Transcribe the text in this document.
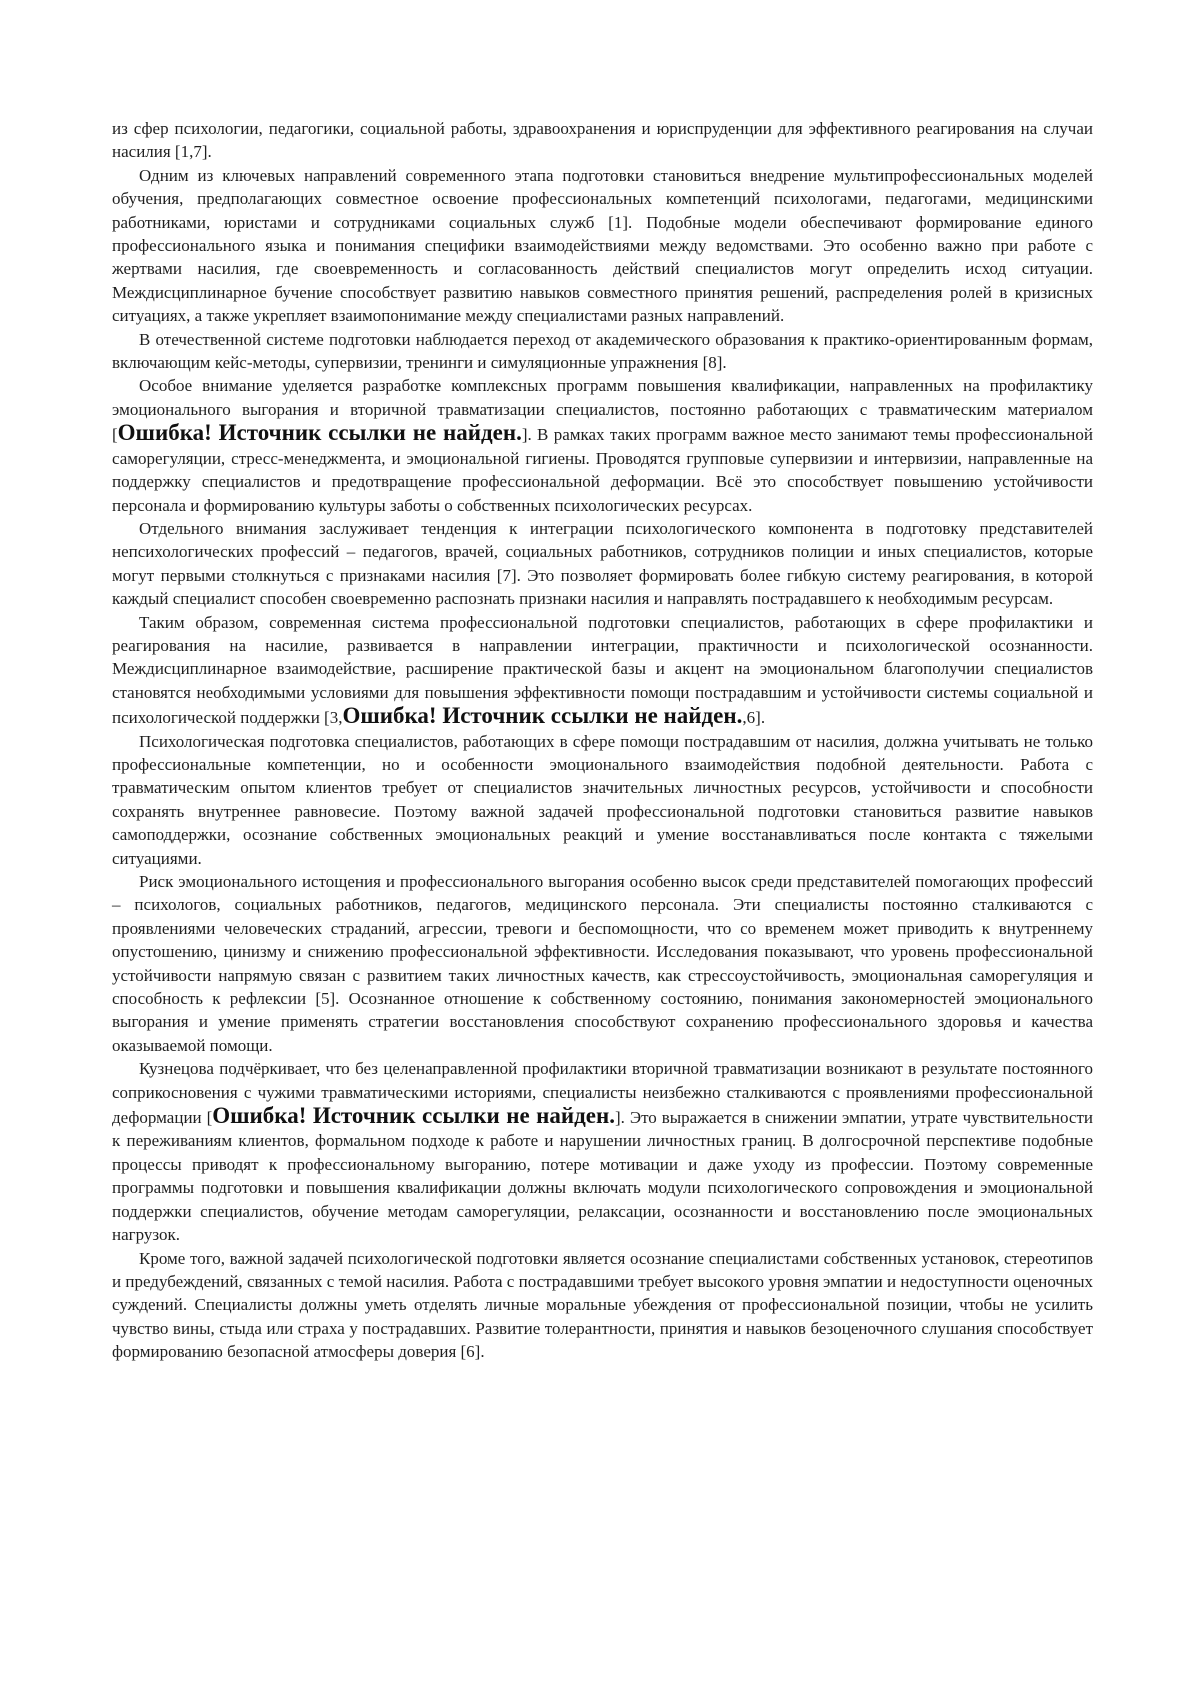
из сфер психологии, педагогики, социальной работы, здравоохранения и юриспруденции для эффективного реагирования на случаи насилия [1,7].

Одним из ключевых направлений современного этапа подготовки становиться внедрение мультипрофессиональных моделей обучения, предполагающих совместное освоение профессиональных компетенций психологами, педагогами, медицинскими работниками, юристами и сотрудниками социальных служб [1]. Подобные модели обеспечивают формирование единого профессионального языка и понимания специфики взаимодействиями между ведомствами. Это особенно важно при работе с жертвами насилия, где своевременность и согласованность действий специалистов могут определить исход ситуации. Междисциплинарное бучение способствует развитию навыков совместного принятия решений, распределения ролей в кризисных ситуациях, а также укрепляет взаимопонимание между специалистами разных направлений.

В отечественной системе подготовки наблюдается переход от академического образования к практико-ориентированным формам, включающим кейс-методы, супервизии, тренинги и симуляционные упражнения [8].

Особое внимание уделяется разработке комплексных программ повышения квалификации, направленных на профилактику эмоционального выгорания и вторичной травматизации специалистов, постоянно работающих с травматическим материалом [Ошибка! Источник ссылки не найден.]. В рамках таких программ важное место занимают темы профессиональной саморегуляции, стресс-менеджмента, и эмоциональной гигиены. Проводятся групповые супервизии и интервизии, направленные на поддержку специалистов и предотвращение профессиональной деформации. Всё это способствует повышению устойчивости персонала и формированию культуры заботы о собственных психологических ресурсах.

Отдельного внимания заслуживает тенденция к интеграции психологического компонента в подготовку представителей непсихологических профессий – педагогов, врачей, социальных работников, сотрудников полиции и иных специалистов, которые могут первыми столкнуться с признаками насилия [7]. Это позволяет формировать более гибкую систему реагирования, в которой каждый специалист способен своевременно распознать признаки насилия и направлять пострадавшего к необходимым ресурсам.

Таким образом, современная система профессиональной подготовки специалистов, работающих в сфере профилактики и реагирования на насилие, развивается в направлении интеграции, практичности и психологической осознанности. Междисциплинарное взаимодействие, расширение практической базы и акцент на эмоциональном благополучии специалистов становятся необходимыми условиями для повышения эффективности помощи пострадавшим и устойчивости системы социальной и психологической поддержки [3,Ошибка! Источник ссылки не найден.,6].

Психологическая подготовка специалистов, работающих в сфере помощи пострадавшим от насилия, должна учитывать не только профессиональные компетенции, но и особенности эмоционального взаимодействия подобной деятельности. Работа с травматическим опытом клиентов требует от специалистов значительных личностных ресурсов, устойчивости и способности сохранять внутреннее равновесие. Поэтому важной задачей профессиональной подготовки становиться развитие навыков самоподдержки, осознание собственных эмоциональных реакций и умение восстанавливаться после контакта с тяжелыми ситуациями.

Риск эмоционального истощения и профессионального выгорания особенно высок среди представителей помогающих профессий – психологов, социальных работников, педагогов, медицинского персонала. Эти специалисты постоянно сталкиваются с проявлениями человеческих страданий, агрессии, тревоги и беспомощности, что со временем может приводить к внутреннему опустошению, цинизму и снижению профессиональной эффективности. Исследования показывают, что уровень профессиональной устойчивости напрямую связан с развитием таких личностных качеств, как стрессоустойчивость, эмоциональная саморегуляция и способность к рефлексии [5]. Осознанное отношение к собственному состоянию, понимания закономерностей эмоционального выгорания и умение применять стратегии восстановления способствуют сохранению профессионального здоровья и качества оказываемой помощи.

Кузнецова подчёркивает, что без целенаправленной профилактики вторичной травматизации возникают в результате постоянного соприкосновения с чужими травматическими историями, специалисты неизбежно сталкиваются с проявлениями профессиональной деформации [Ошибка! Источник ссылки не найден.]. Это выражается в снижении эмпатии, утрате чувствительности к переживаниям клиентов, формальном подходе к работе и нарушении личностных границ. В долгосрочной перспективе подобные процессы приводят к профессиональному выгоранию, потере мотивации и даже уходу из профессии. Поэтому современные программы подготовки и повышения квалификации должны включать модули психологического сопровождения и эмоциональной поддержки специалистов, обучение методам саморегуляции, релаксации, осознанности и восстановлению после эмоциональных нагрузок.

Кроме того, важной задачей психологической подготовки является осознание специалистами собственных установок, стереотипов и предубеждений, связанных с темой насилия. Работа с пострадавшими требует высокого уровня эмпатии и недоступности оценочных суждений. Специалисты должны уметь отделять личные моральные убеждения от профессиональной позиции, чтобы не усилить чувство вины, стыда или страха у пострадавших. Развитие толерантности, принятия и навыков безоценочного слушания способствует формированию безопасной атмосферы доверия [6].
